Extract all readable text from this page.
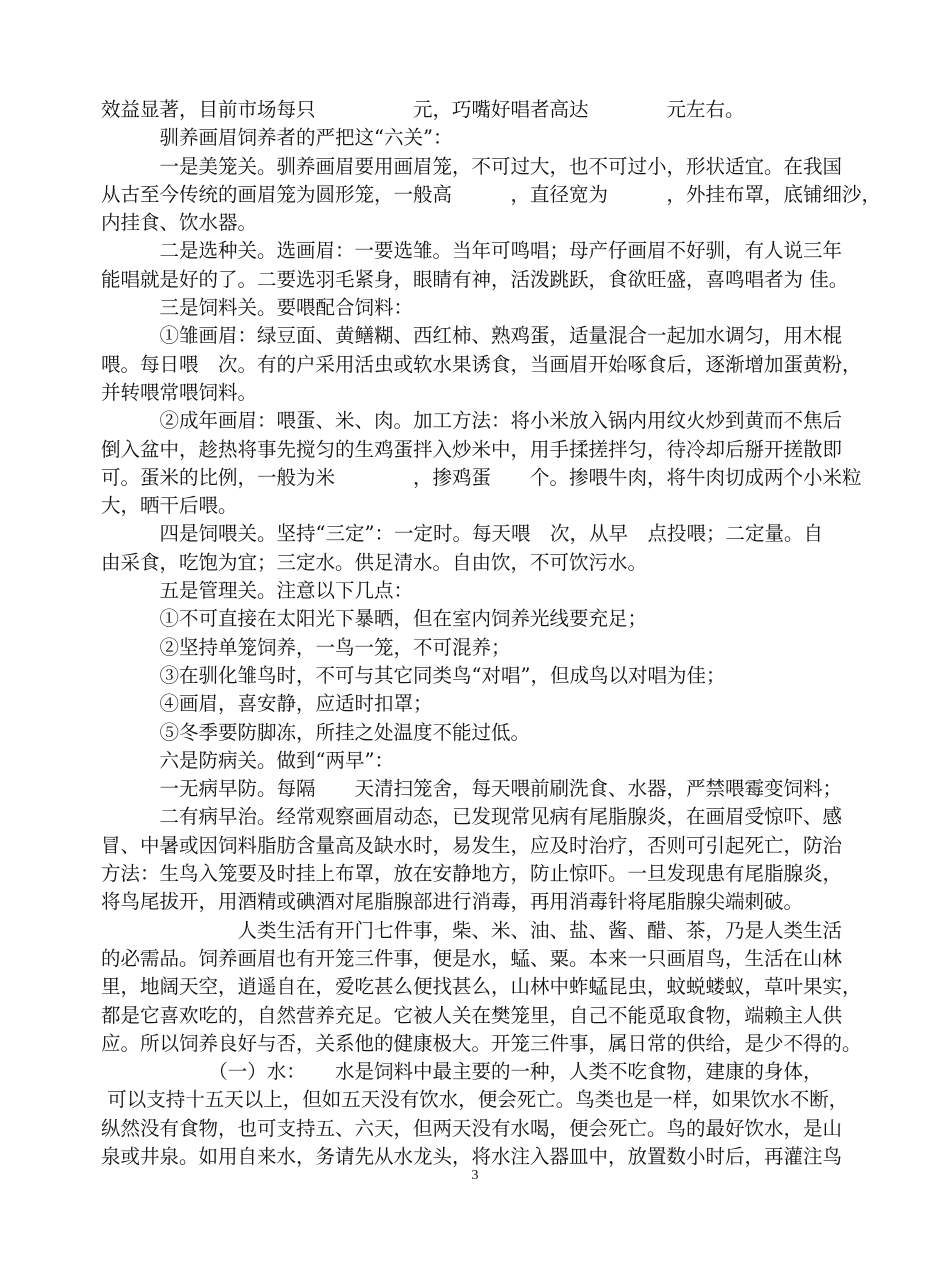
效益显著，目前市场每只　　　　　元，巧嘴好唱者高达　　　　元左右。
　　　驯养画眉饲养者的严把这“六关”：
　　　一是美笼关。驯养画眉要用画眉笼，不可过大，也不可过小，形状适宜。在我国
从古至今传统的画眉笼为圆形笼，一般高　　　，直径宽为　　　，外挂布罩，底铺细沙，
内挂食、饮水器。
　　　二是选种关。选画眉：一要选雏。当年可鸣唱；母产仔画眉不好驯，有人说三年
能唱就是好的了。二要选羽毛紧身，眼睛有神，活泼跳跃，食欲旺盛，喜鸣唱者为 佳。
　　　三是饲料关。要喂配合饲料：
　　　①雏画眉：绿豆面、黄鳝糊、西红柿、熟鸡蛋，适量混合一起加水调匀，用木棍
喂。每日喂　次。有的户采用活虫或软水果诱食，当画眉开始啄食后，逐渐增加蛋黄粉，
并转喂常喂饲料。
　　　②成年画眉：喂蛋、米、肉。加工方法：将小米放入锅内用纹火炒到黄而不焦后
倒入盆中，趁热将事先搅匀的生鸡蛋拌入炒米中，用手揉搓拌匀，待冷却后掰开搓散即
可。蛋米的比例，一般为米　　　　，掺鸡蛋　　个。掺喂牛肉，将牛肉切成两个小米粒
大，晒干后喂。
　　　四是饲喂关。坚持“三定”：一定时。每天喂　次，从早　点投喂；二定量。自
由采食，吃饱为宜；三定水。供足清水。自由饮，不可饮污水。
　　　五是管理关。注意以下几点：
　　　①不可直接在太阳光下暴晒，但在室内饲养光线要充足；
　　　②坚持单笼饲养，一鸟一笼，不可混养；
　　　③在驯化雏鸟时，不可与其它同类鸟“对唱”，但成鸟以对唱为佳；
　　　④画眉，喜安静，应适时扣罩；
　　　⑤冬季要防脚冻，所挂之处温度不能过低。
　　　六是防病关。做到“两早”：
　　　一无病早防。每隔　　天清扫笼舍，每天喂前刷洗食、水器，严禁喂霉变饲料；
　　　二有病早治。经常观察画眉动态，已发现常见病有尾脂腺炎，在画眉受惊吓、感
冒、中暑或因饲料脂肪含量高及缺水时，易发生，应及时治疗，否则可引起死亡，防治
方法：生鸟入笼要及时挂上布罩，放在安静地方，防止惊吓。一旦发现患有尾脂腺炎，
将鸟尾拔开，用酒精或碘酒对尾脂腺部进行消毒，再用消毒针将尾脂腺尖端刺破。
　　　　　　　人类生活有开门七件事，柴、米、油、盐、酱、醋、茶，乃是人类生活
的必需品。饲养画眉也有开笼三件事，便是水，蜢、粟。本来一只画眉鸟，生活在山林
里，地阔天空，逍遥自在，爱吃甚么便找甚么，山林中蚱蜢昆虫，蚊蜕蝼蚁，草叶果实，
都是它喜欢吃的，自然营养充足。它被人关在樊笼里，自己不能觅取食物，端赖主人供
应。所以饲养良好与否，关系他的健康极大。开笼三件事，属日常的供给，是少不得的。
　　　　　　（一）水：　　水是饲料中最主要的一种，人类不吃食物，建康的身体，
可以支持十五天以上，但如五天没有饮水，便会死亡。鸟类也是一样，如果饮水不断，
纵然没有食物，也可支持五、六天，但两天没有水喝，便会死亡。鸟的最好饮水，是山
泉或井泉。如用自来水，务请先从水龙头，将水注入器皿中，放置数小时后，再灌注鸟
3
